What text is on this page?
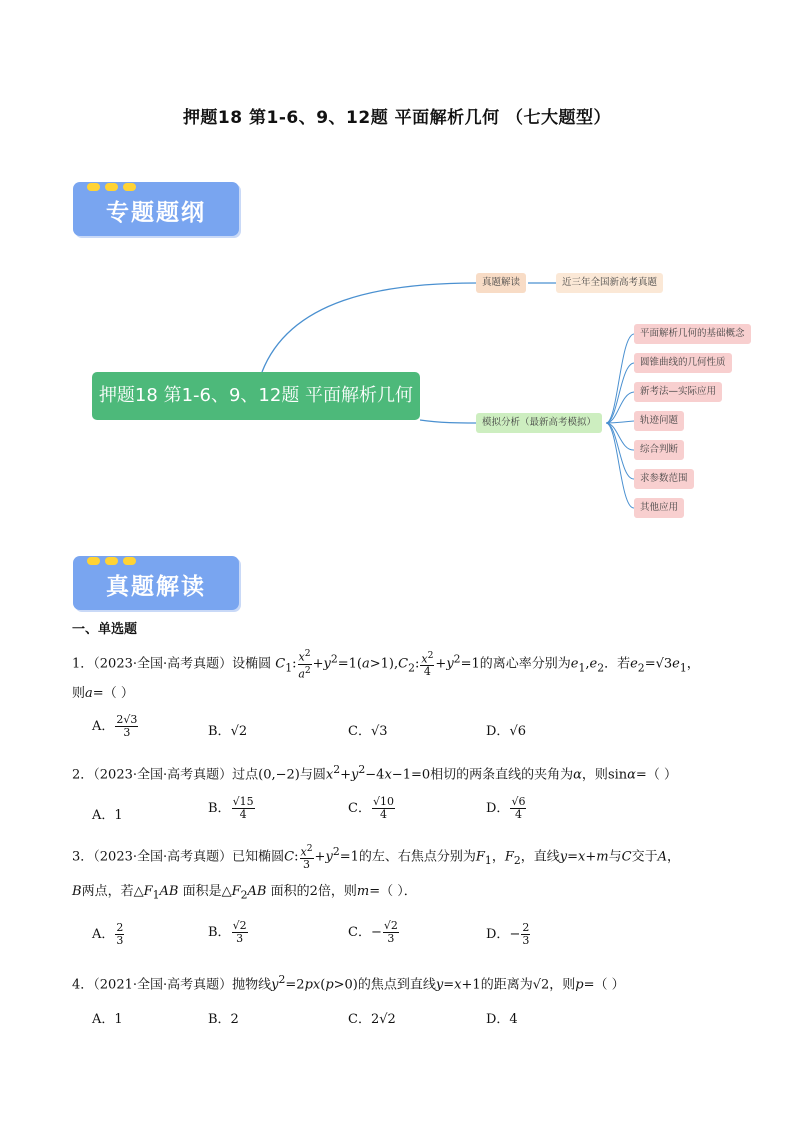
押题18 第1-6、9、12题 平面解析几何 （七大题型）
专题题纲
押题18 第1-6、9、12题 平面解析几何
真题解读	近三年全国新高考真题
模拟分析（最新高考模拟）
平面解析几何的基础概念
圆锥曲线的几何性质
新考法—实际应用
轨迹问题
综合判断
求参数范围
其他应用
真题解读
一、单选题
1．（2023·全国·高考真题）设椭圆 $C_1$: $\frac{x^2}{a^2} +y^2=1(a>1),C_2$: $\frac{x^2}{4} +y^2=1$的离心率分别为$e_1,e_2$．若$e_2=√3e_1$，
则a=（ ）
A． $\frac{2√3}{3}$	B．√2	C．√3	D．√6
2．（2023·全国·高考真题）过点(0,−2)与圆$x^2+y^2-4x-1=0$相切的两条直线的夹角为α，则sinα=（ ）
A．1	B． $\frac{√15}{4}$	C． $\frac{√10}{4}$	D． $\frac{√6}{4}$
3．（2023·全国·高考真题）已知椭圆C: $\frac{x^2}{3} +y^2=1$的左、右焦点分别为$F_1$，$F_2$，直线y=x+m与C交于A，
B两点，若$\triangle F_1AB$ 面积是$\triangle F_2AB$ 面积的2倍，则m=（ ）．
A． $\frac{2}{3}$	B． $\frac{√2}{3}$	C．− $\frac{√2}{3}$	D．− $\frac{2}{3}$
4．（2021·全国·高考真题）抛物线$y^2=2px(p>0)$的焦点到直线y=x+1的距离为√2，则p=（ ）
A．1	B．2	C．2√2	D．4
